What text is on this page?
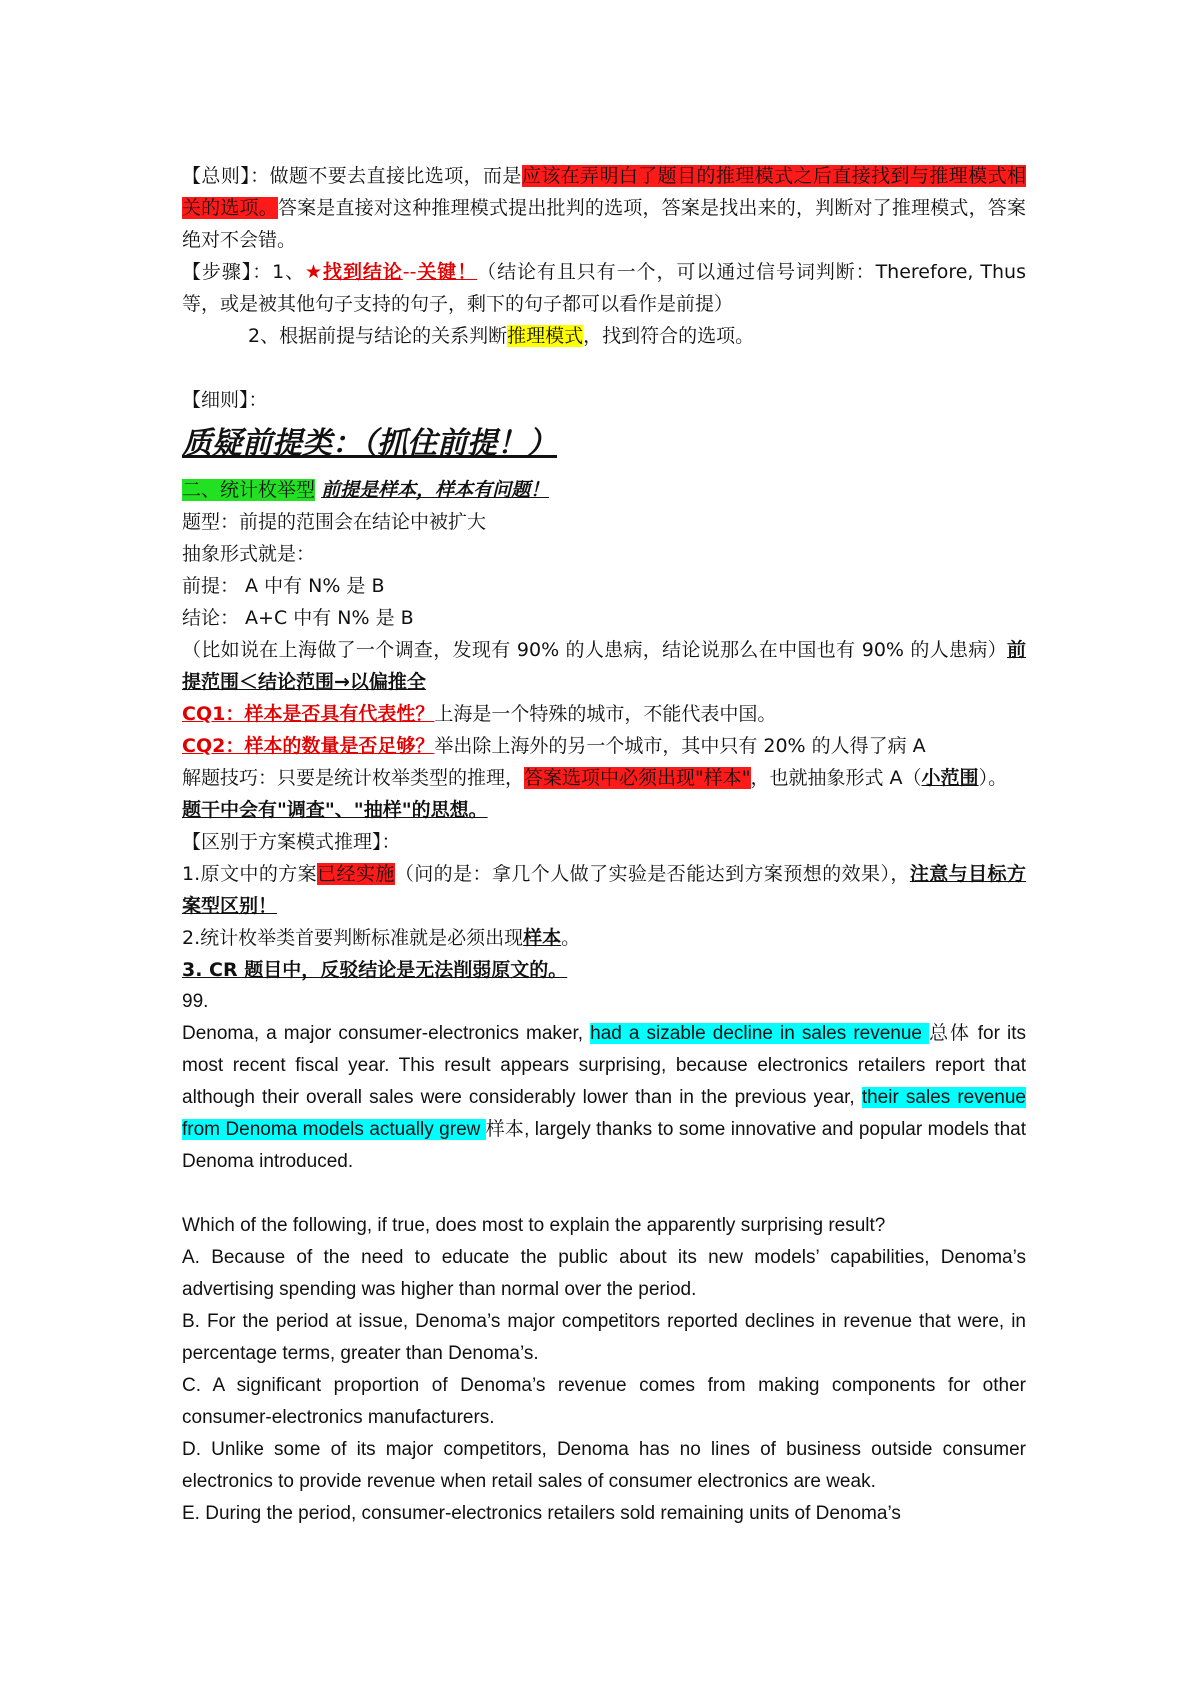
【总则】：做题不要去直接比选项，而是应该在弄明白了题目的推理模式之后直接找到与推理模式相关的选项。答案是直接对这种推理模式提出批判的选项，答案是找出来的，判断对了推理模式，答案绝对不会错。

【步骤】：1、★找到结论--关键！（结论有且只有一个，可以通过信号词判断：Therefore, Thus 等，或是被其他句子支持的句子，剩下的句子都可以看作是前提）

2、根据前提与结论的关系判断推理模式，找到符合的选项。

【细则】：

质疑前提类：（抓住前提！）

二、统计枚举型 前提是样本，样本有问题！

题型：前提的范围会在结论中被扩大

抽象形式就是：

前提： A 中有 N% 是 B

结论： A+C 中有 N% 是 B

（比如说在上海做了一个调查，发现有 90% 的人患病，结论说那么在中国也有 90% 的人患病）前提范围＜结论范围→以偏推全

CQ1：样本是否具有代表性？上海是一个特殊的城市，不能代表中国。

CQ2：样本的数量是否足够？举出除上海外的另一个城市，其中只有 20% 的人得了病 A

解题技巧：只要是统计枚举类型的推理，答案选项中必须出现"样本"，也就抽象形式 A（小范围）。

题干中会有"调查"、"抽样"的思想。

【区别于方案模式推理】：

1.原文中的方案已经实施（问的是：拿几个人做了实验是否能达到方案预想的效果），注意与目标方案型区别！

2.统计枚举类首要判断标准就是必须出现样本。

3. CR 题目中，反驳结论是无法削弱原文的。

99.

Denoma, a major consumer-electronics maker, had a sizable decline in sales revenue 总体 for its most recent fiscal year. This result appears surprising, because electronics retailers report that although their overall sales were considerably lower than in the previous year, their sales revenue from Denoma models actually grew 样本, largely thanks to some innovative and popular models that Denoma introduced.

Which of the following, if true, does most to explain the apparently surprising result?

A. Because of the need to educate the public about its new models’ capabilities, Denoma’s advertising spending was higher than normal over the period.

B. For the period at issue, Denoma’s major competitors reported declines in revenue that were, in percentage terms, greater than Denoma’s.

C. A significant proportion of Denoma’s revenue comes from making components for other consumer-electronics manufacturers.

D. Unlike some of its major competitors, Denoma has no lines of business outside consumer electronics to provide revenue when retail sales of consumer electronics are weak.

E. During the period, consumer-electronics retailers sold remaining units of Denoma’s
